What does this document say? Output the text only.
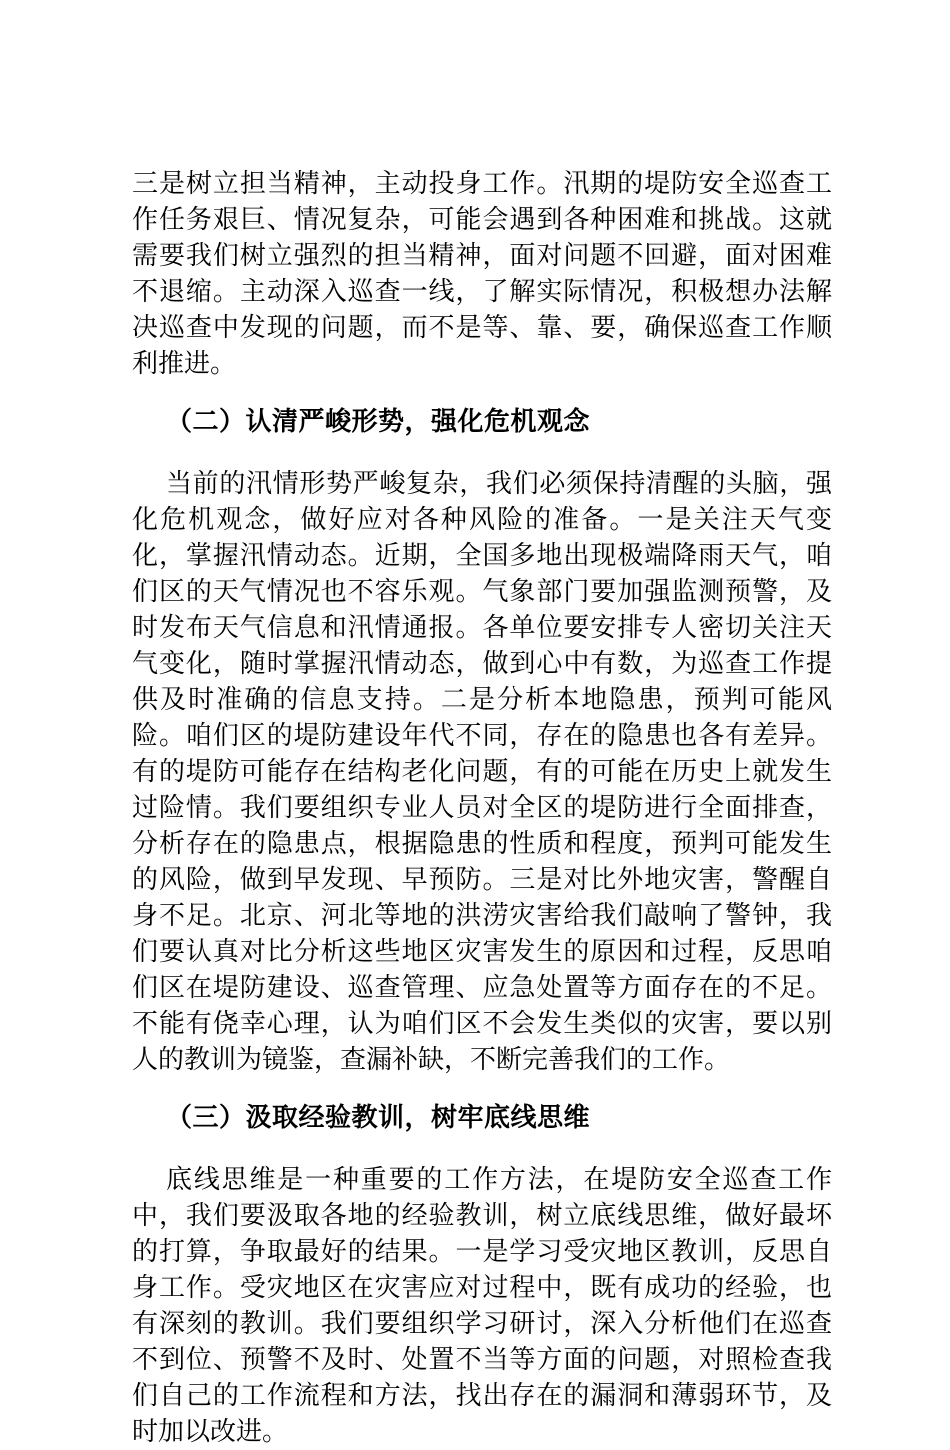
三是树立担当精神，主动投身工作。汛期的堤防安全巡查工作任务艰巨、情况复杂，可能会遇到各种困难和挑战。这就需要我们树立强烈的担当精神，面对问题不回避，面对困难不退缩。主动深入巡查一线，了解实际情况，积极想办法解决巡查中发现的问题，而不是等、靠、要，确保巡查工作顺利推进。

（二）认清严峻形势，强化危机观念

当前的汛情形势严峻复杂，我们必须保持清醒的头脑，强化危机观念，做好应对各种风险的准备。一是关注天气变化，掌握汛情动态。近期，全国多地出现极端降雨天气，咱们区的天气情况也不容乐观。气象部门要加强监测预警，及时发布天气信息和汛情通报。各单位要安排专人密切关注天气变化，随时掌握汛情动态，做到心中有数，为巡查工作提供及时准确的信息支持。二是分析本地隐患，预判可能风险。咱们区的堤防建设年代不同，存在的隐患也各有差异。有的堤防可能存在结构老化问题，有的可能在历史上就发生过险情。我们要组织专业人员对全区的堤防进行全面排查，分析存在的隐患点，根据隐患的性质和程度，预判可能发生的风险，做到早发现、早预防。三是对比外地灾害，警醒自身不足。北京、河北等地的洪涝灾害给我们敲响了警钟，我们要认真对比分析这些地区灾害发生的原因和过程，反思咱们区在堤防建设、巡查管理、应急处置等方面存在的不足。不能有侥幸心理，认为咱们区不会发生类似的灾害，要以别人的教训为镜鉴，查漏补缺，不断完善我们的工作。

（三）汲取经验教训，树牢底线思维

底线思维是一种重要的工作方法，在堤防安全巡查工作中，我们要汲取各地的经验教训，树立底线思维，做好最坏的打算，争取最好的结果。一是学习受灾地区教训，反思自身工作。受灾地区在灾害应对过程中，既有成功的经验，也有深刻的教训。我们要组织学习研讨，深入分析他们在巡查不到位、预警不及时、处置不当等方面的问题，对照检查我们自己的工作流程和方法，找出存在的漏洞和薄弱环节，及时加以改进。
